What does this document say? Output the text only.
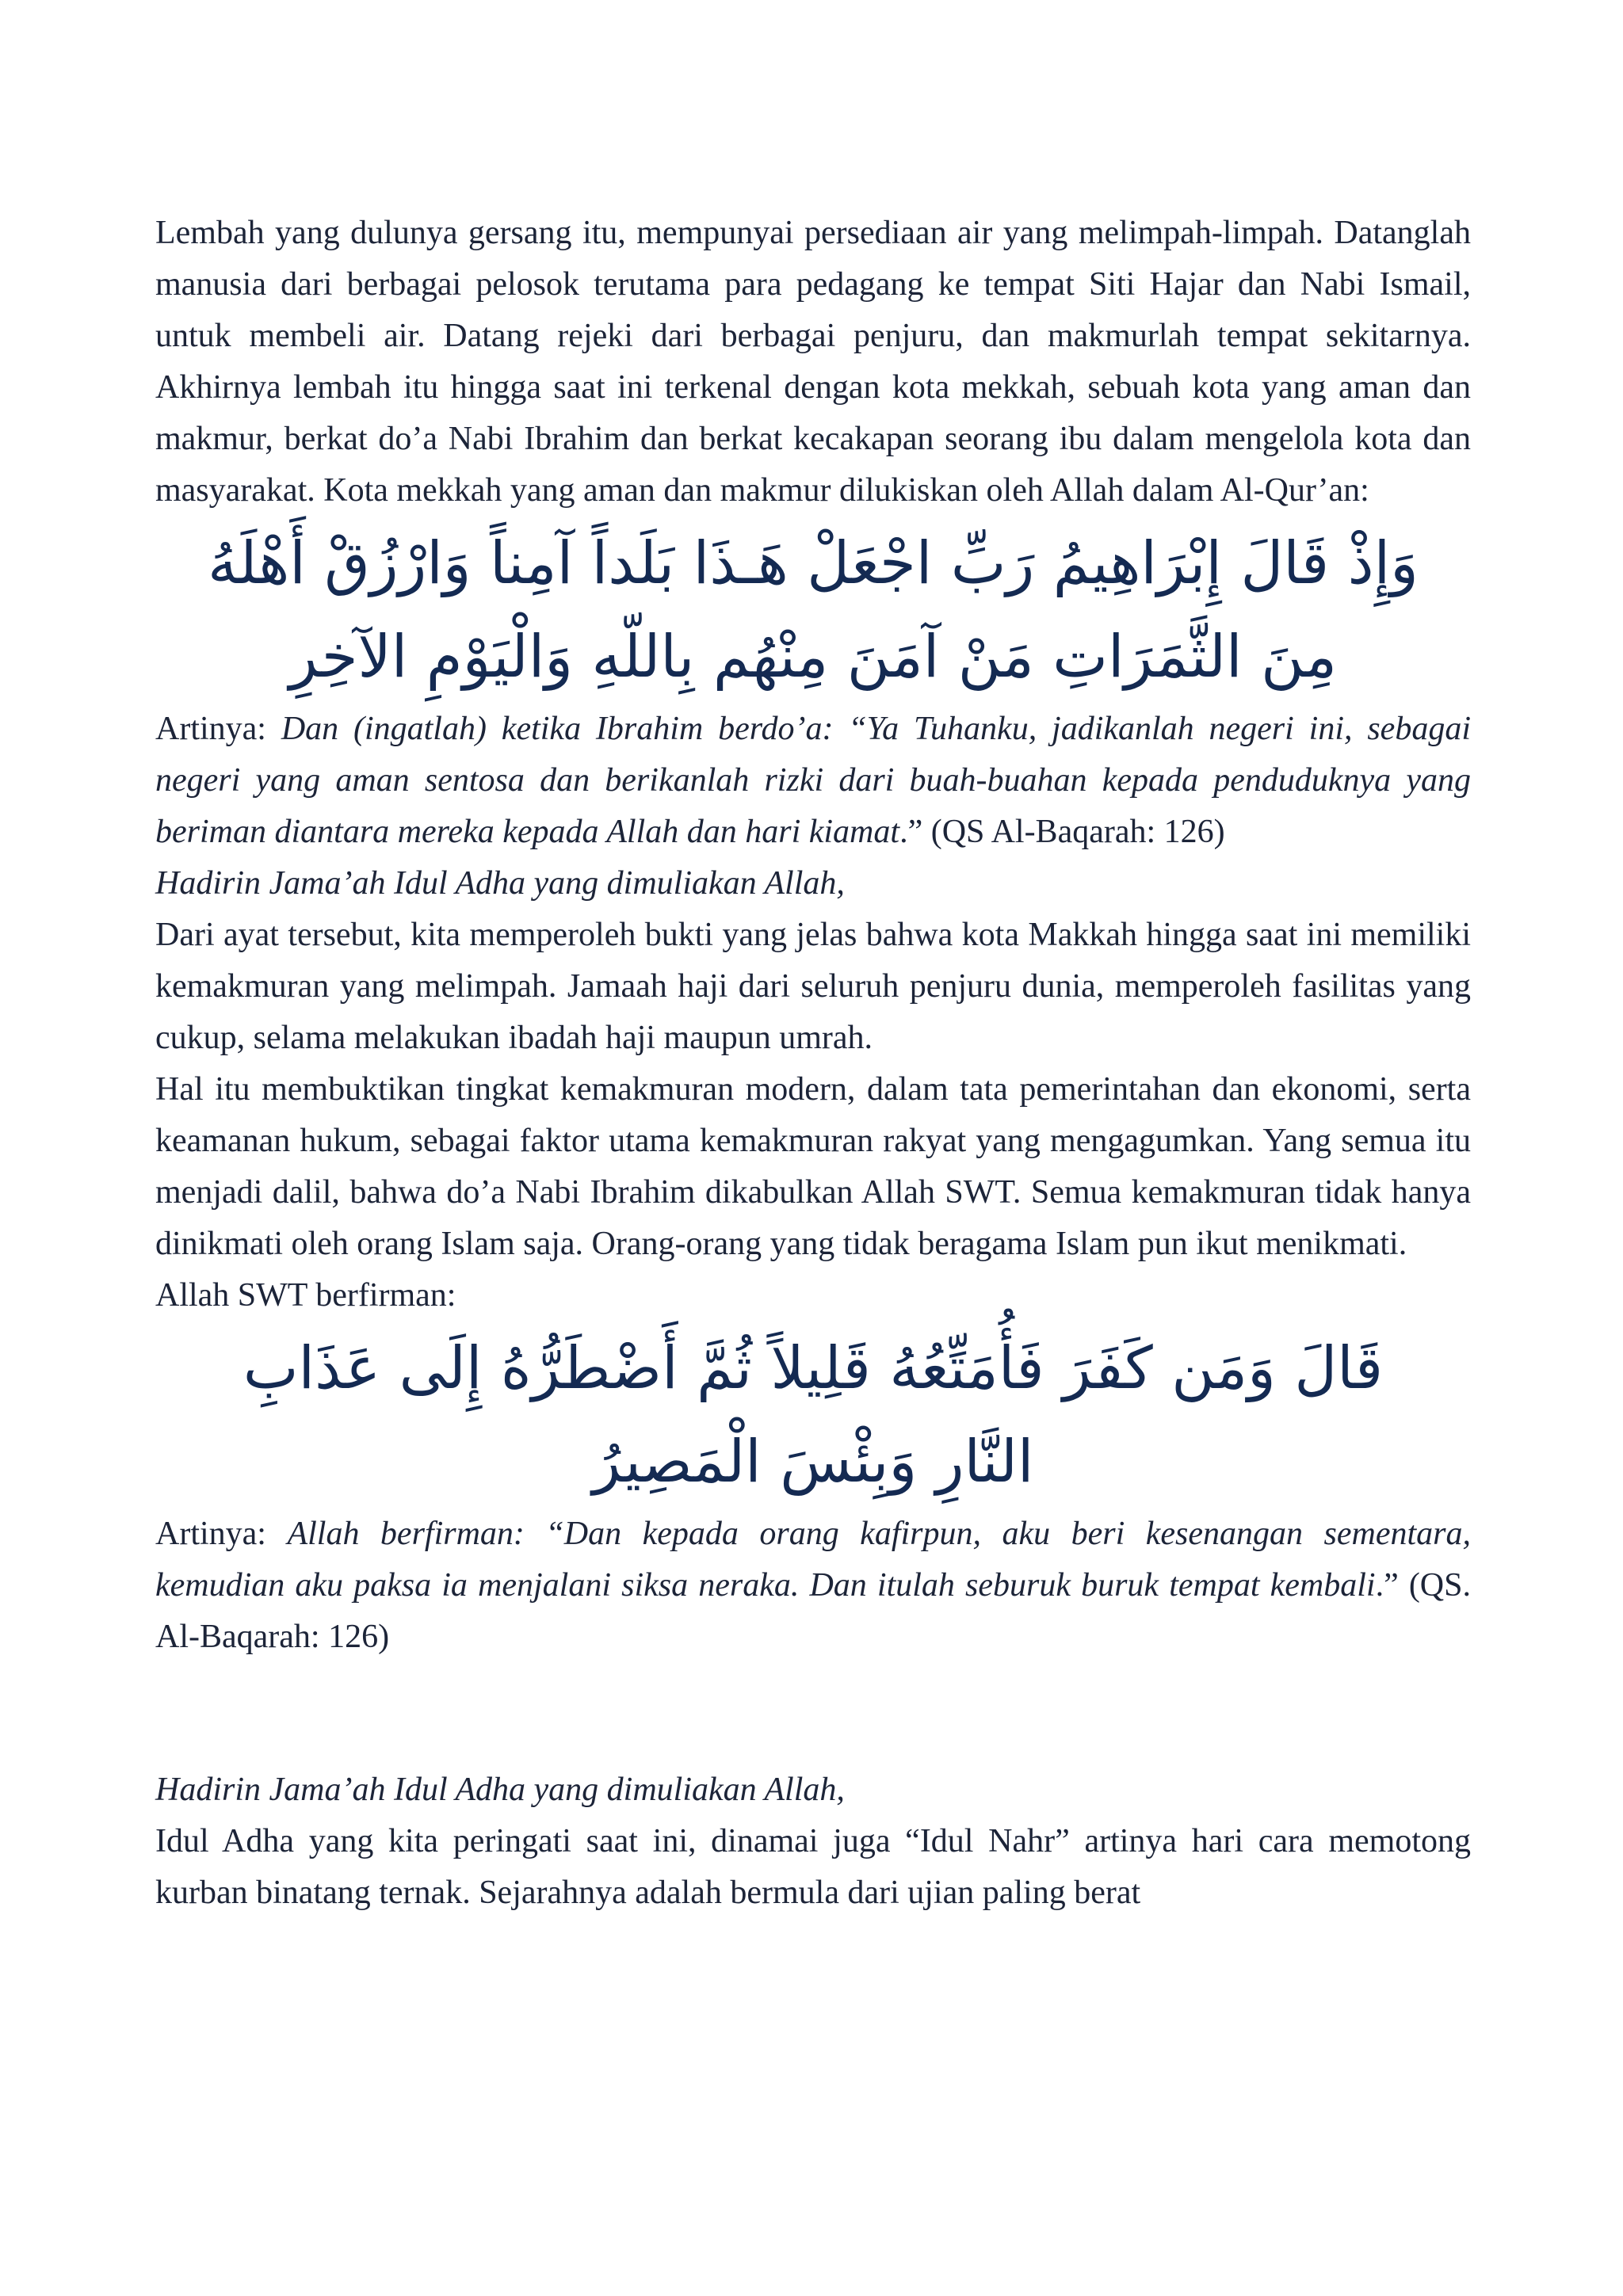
Lembah yang dulunya gersang itu, mempunyai persediaan air yang melimpah-limpah. Datanglah manusia dari berbagai pelosok terutama para pedagang ke tempat Siti Hajar dan Nabi Ismail, untuk membeli air. Datang rejeki dari berbagai penjuru, dan makmurlah tempat sekitarnya. Akhirnya lembah itu hingga saat ini terkenal dengan kota mekkah, sebuah kota yang aman dan makmur, berkat do’a Nabi Ibrahim dan berkat kecakapan seorang ibu dalam mengelola kota dan masyarakat. Kota mekkah yang aman dan makmur dilukiskan oleh Allah dalam Al-Qur’an:

وَإِذْ قَالَ إِبْرَاهِيمُ رَبِّ اجْعَلْ هَـذَا بَلَداً آمِناً وَارْزُقْ أَهْلَهُ

مِنَ الثَّمَرَاتِ مَنْ آمَنَ مِنْهُم بِاللّهِ وَالْيَوْمِ الآخِرِ

Artinya: Dan (ingatlah) ketika Ibrahim berdo’a: “Ya Tuhanku, jadikanlah negeri ini, sebagai negeri yang aman sentosa dan berikanlah rizki dari buah-buahan kepada penduduknya yang beriman diantara mereka kepada Allah dan hari kiamat.” (QS Al-Baqarah: 126)

Hadirin Jama’ah Idul Adha yang dimuliakan Allah,

Dari ayat tersebut, kita memperoleh bukti yang jelas bahwa kota Makkah hingga saat ini memiliki kemakmuran yang melimpah. Jamaah haji dari seluruh penjuru dunia, memperoleh fasilitas yang cukup, selama melakukan ibadah haji maupun umrah.

Hal itu membuktikan tingkat kemakmuran modern, dalam tata pemerintahan dan ekonomi, serta keamanan hukum, sebagai faktor utama kemakmuran rakyat yang mengagumkan. Yang semua itu menjadi dalil, bahwa do’a Nabi Ibrahim dikabulkan Allah SWT. Semua kemakmuran tidak hanya dinikmati oleh orang Islam saja. Orang-orang yang tidak beragama Islam pun ikut menikmati.

Allah SWT berfirman:

قَالَ وَمَن كَفَرَ فَأُمَتِّعُهُ قَلِيلاً ثُمَّ أَضْطَرُّهُ إِلَى عَذَابِ

النَّارِ وَبِئْسَ الْمَصِيرُ

Artinya: Allah berfirman: “Dan kepada orang kafirpun, aku beri kesenangan sementara, kemudian aku paksa ia menjalani siksa neraka. Dan itulah seburuk buruk tempat kembali.” (QS. Al-Baqarah: 126)

Hadirin Jama’ah Idul Adha yang dimuliakan Allah,

Idul Adha yang kita peringati saat ini, dinamai juga “Idul Nahr” artinya hari cara memotong kurban binatang ternak. Sejarahnya adalah bermula dari ujian paling berat
